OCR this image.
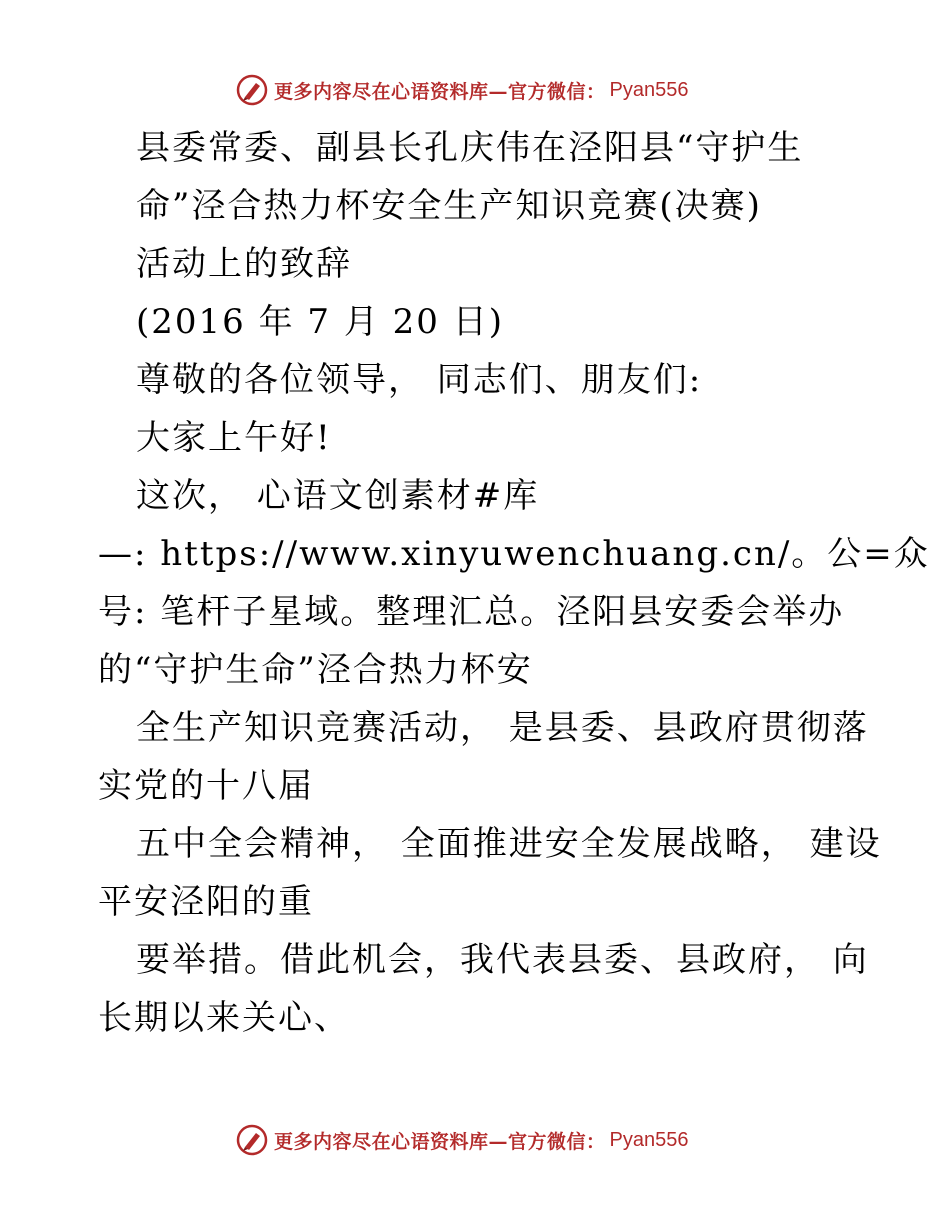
更多内容尽在心语资料库—官方微信： Pyan556
县委常委、副县长孔庆伟在泾阳县“守护生
命”泾合热力杯安全生产知识竞赛(决赛)
活动上的致辞
(2016 年 7 月 20 日)
尊敬的各位领导， 同志们、朋友们:
大家上午好!
这次， 心语文创素材#库
—: https://www.xinyuwenchuang.cn/。公=众
号: 笔杆子星域。整理汇总。泾阳县安委会举办
的“守护生命”泾合热力杯安
全生产知识竞赛活动， 是县委、县政府贯彻落
实党的十八届
五中全会精神， 全面推进安全发展战略， 建设
平安泾阳的重
要举措。借此机会，我代表县委、县政府， 向
长期以来关心、
更多内容尽在心语资料库—官方微信： Pyan556
